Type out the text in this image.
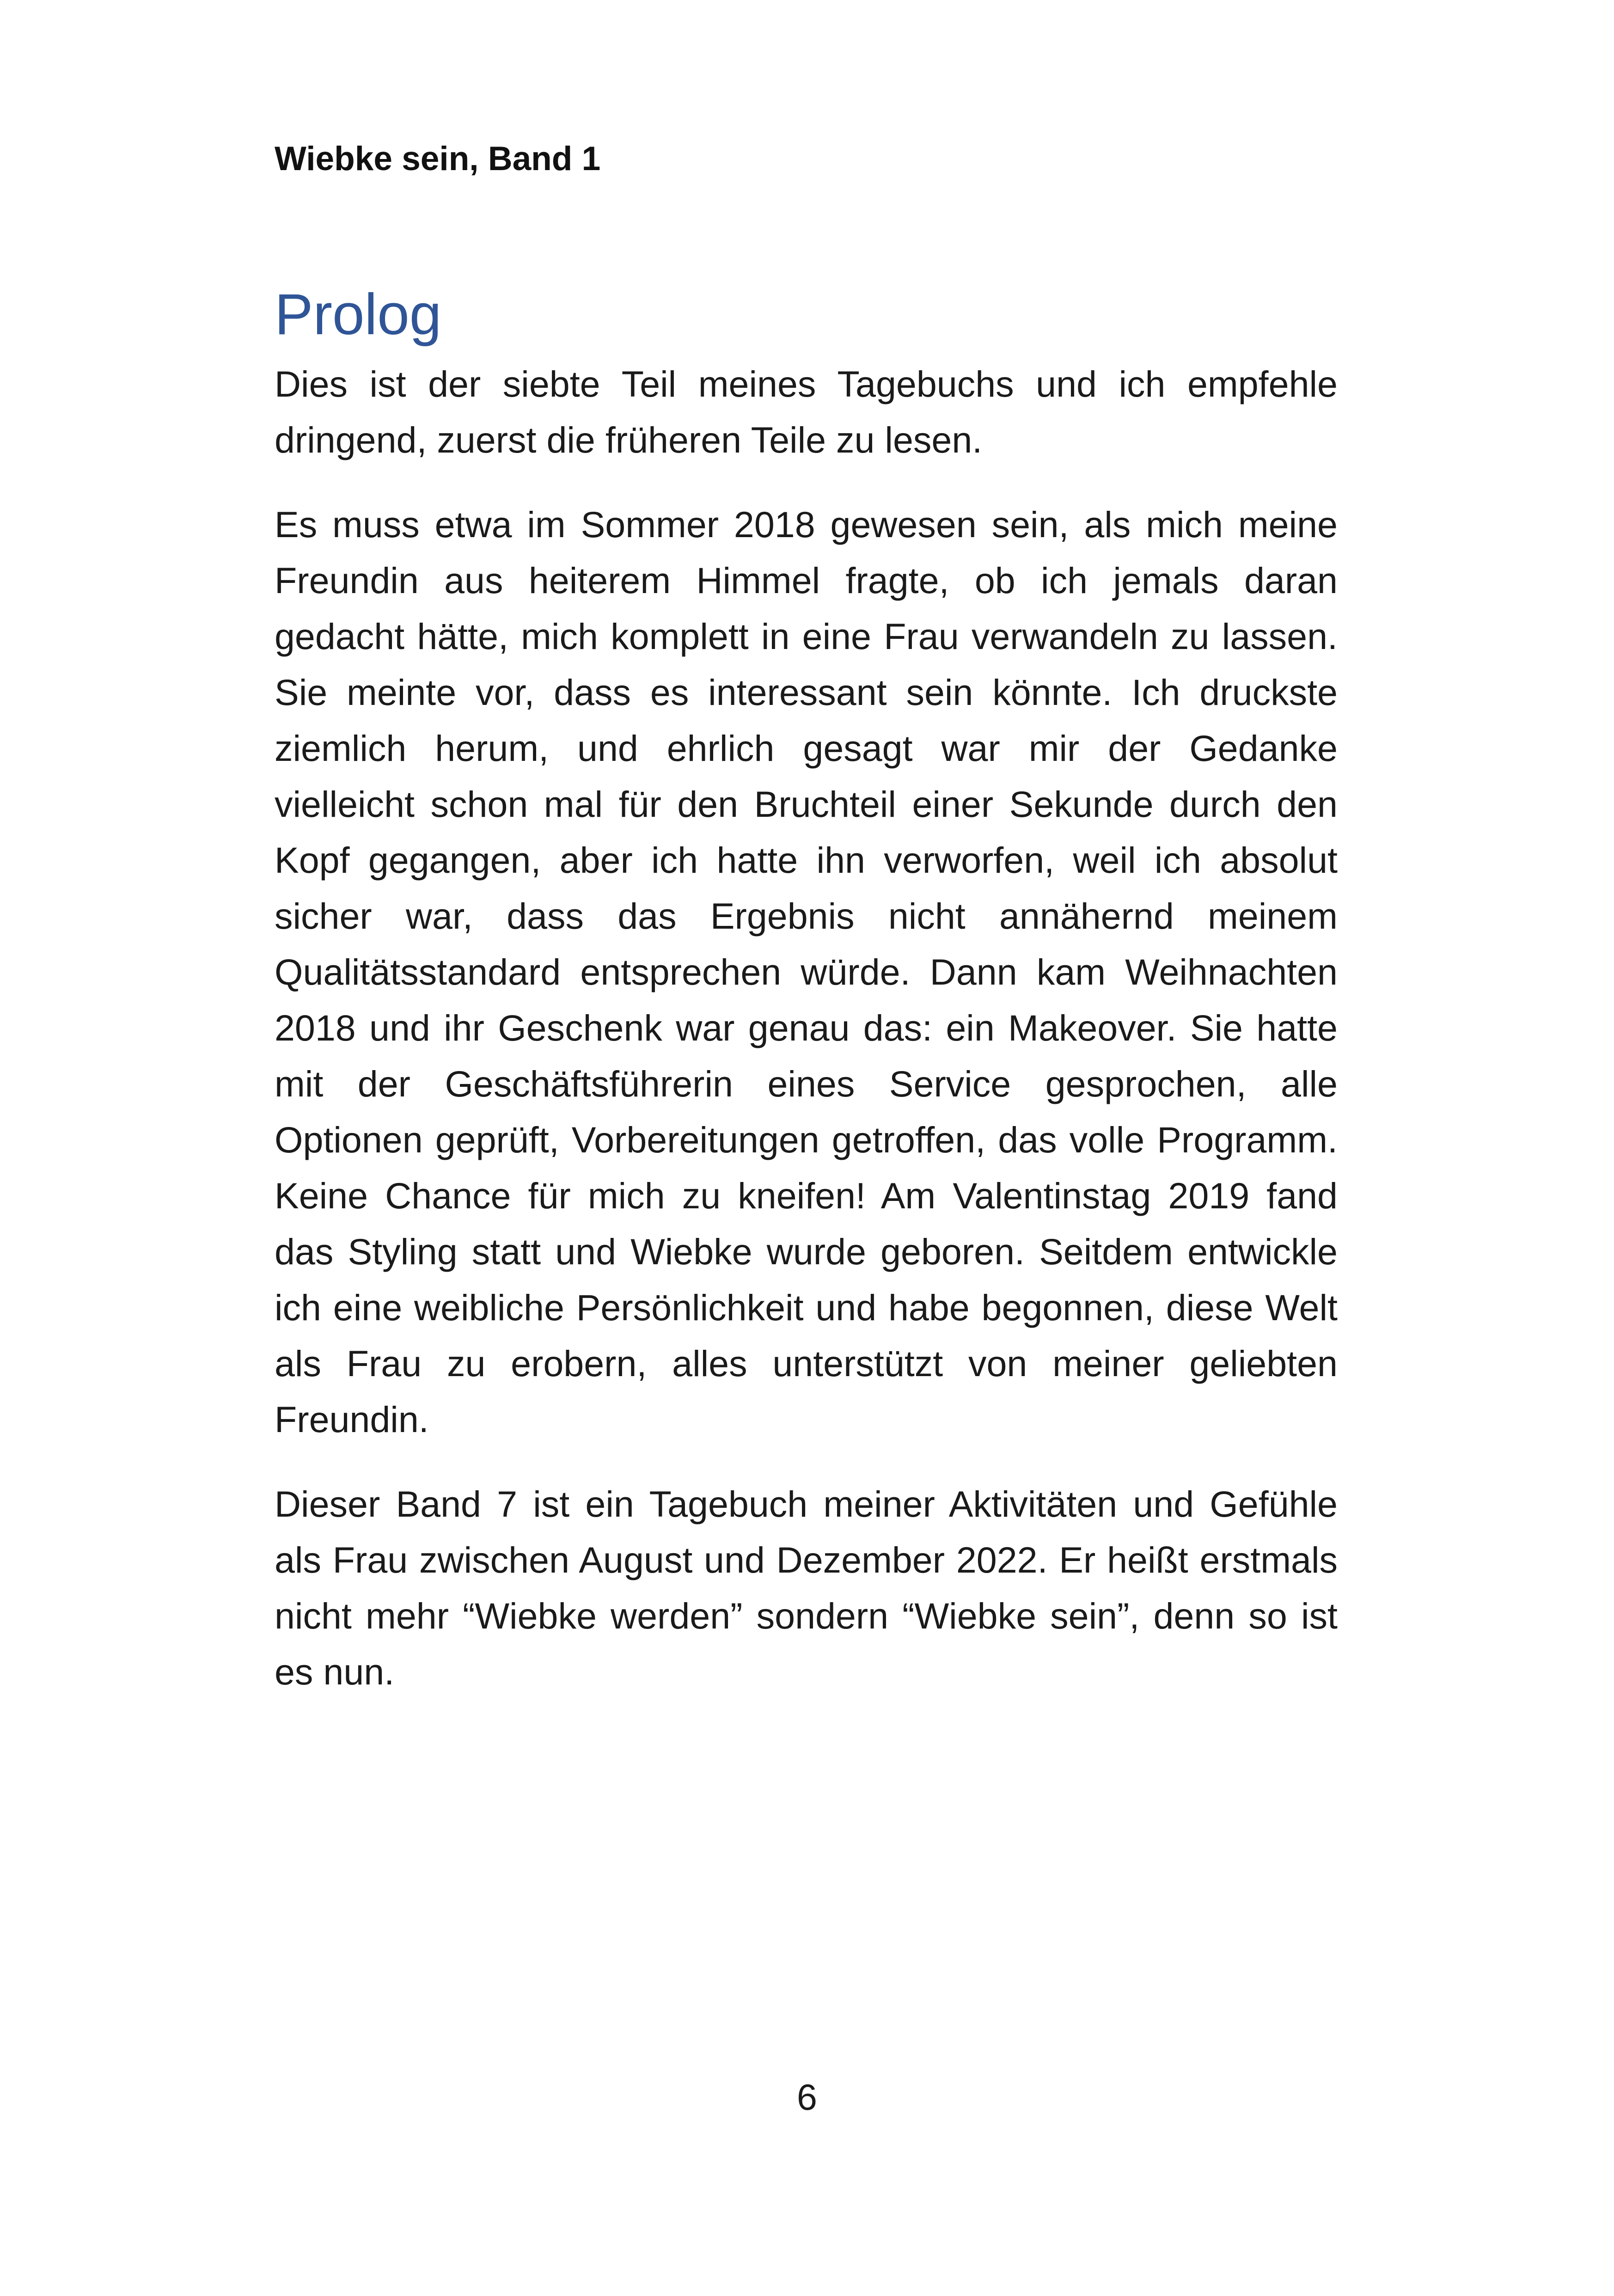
Wiebke sein, Band 1
Prolog

Dies ist der siebte Teil meines Tagebuchs und ich empfehle dringend, zuerst die früheren Teile zu lesen.

Es muss etwa im Sommer 2018 gewesen sein, als mich meine Freundin aus heiterem Himmel fragte, ob ich jemals daran gedacht hätte, mich komplett in eine Frau verwandeln zu lassen. Sie meinte vor, dass es interessant sein könnte. Ich druckste ziemlich herum, und ehrlich gesagt war mir der Gedanke vielleicht schon mal für den Bruchteil einer Sekunde durch den Kopf gegangen, aber ich hatte ihn verworfen, weil ich absolut sicher war, dass das Ergebnis nicht annähernd meinem Qualitätsstandard entsprechen würde. Dann kam Weihnachten 2018 und ihr Geschenk war genau das: ein Makeover. Sie hatte mit der Geschäftsführerin eines Service gesprochen, alle Optionen geprüft, Vorbereitungen getroffen, das volle Programm. Keine Chance für mich zu kneifen! Am Valentinstag 2019 fand das Styling statt und Wiebke wurde geboren. Seitdem entwickle ich eine weibliche Persönlichkeit und habe begonnen, diese Welt als Frau zu erobern, alles unterstützt von meiner geliebten Freundin.

Dieser Band 7 ist ein Tagebuch meiner Aktivitäten und Gefühle als Frau zwischen August und Dezember 2022. Er heißt erstmals nicht mehr “Wiebke werden” sondern “Wiebke sein”, denn so ist es nun.

6
